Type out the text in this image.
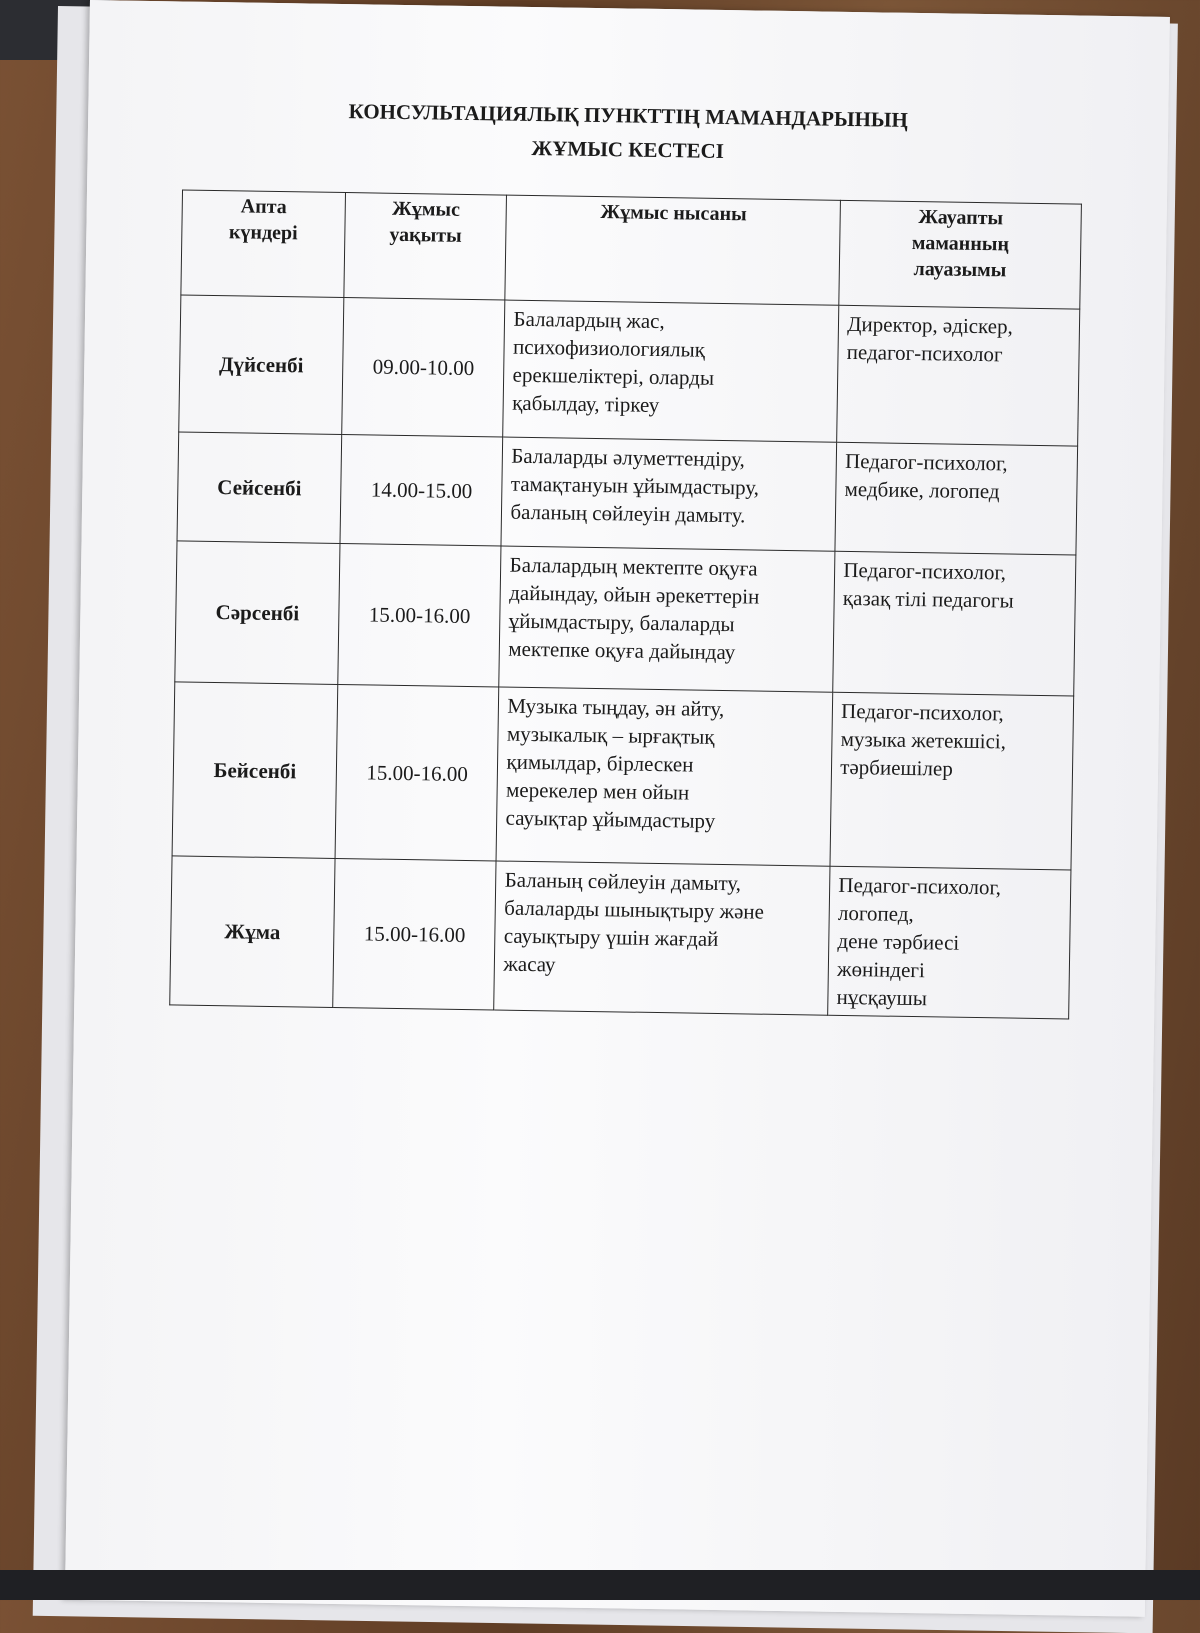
КОНСУЛЬТАЦИЯЛЫҚ ПУНКТТІҢ МАМАНДАРЫНЫҢ
ЖҰМЫС КЕСТЕСІ
Апта
күндері	Жұмыс
уақыты	Жұмыс нысаны	Жауапты
маманның
лауазымы
Дүйсенбі	09.00-10.00	Балалардың жас,
психофизиологиялық
ерекшеліктері, оларды
қабылдау, тіркеу	Директор, әдіскер,
педагог-психолог
Сейсенбі	14.00-15.00	Балаларды әлуметтендіру,
тамақтануын ұйымдастыру,
баланың сөйлеуін дамыту.	Педагог-психолог,
медбике, логопед
Сәрсенбі	15.00-16.00	Балалардың мектепте оқуға
дайындау, ойын әрекеттерін
ұйымдастыру, балаларды
мектепке оқуға дайындау	Педагог-психолог,
қазақ тілі педагогы
Бейсенбі	15.00-16.00	Музыка тыңдау, ән айту,
музыкалық – ырғақтық
қимылдар, бірлескен
мерекелер мен ойын
сауықтар ұйымдастыру	Педагог-психолог,
музыка жетекшісі,
тәрбиешілер
Жұма	15.00-16.00	Баланың сөйлеуін дамыту,
балаларды шынықтыру және
сауықтыру үшін жағдай
жасау	Педагог-психолог,
логопед,
дене тәрбиесі
жөніндегі
нұсқаушы
